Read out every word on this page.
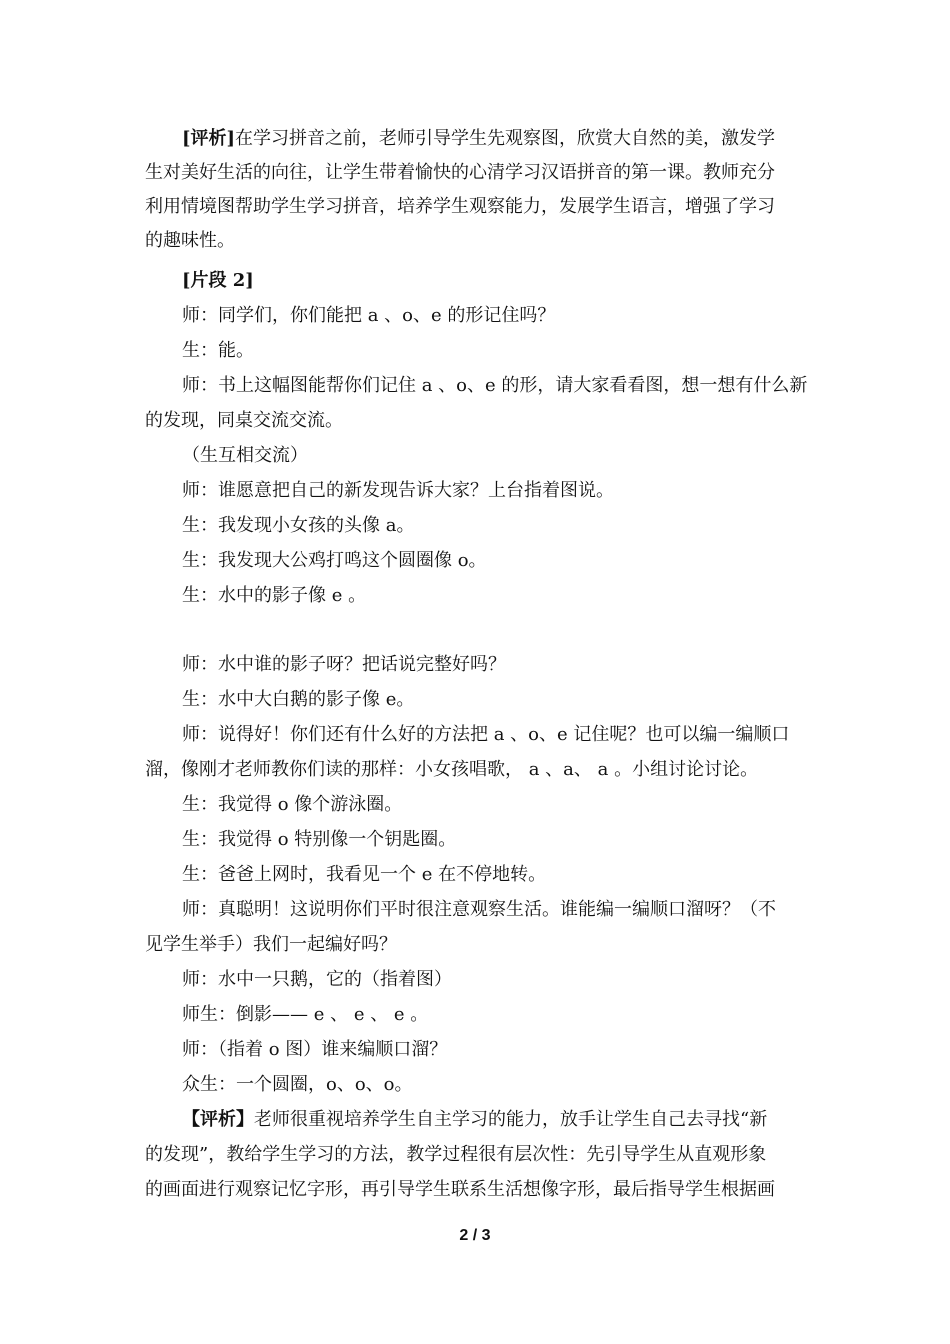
[评析]在学习拼音之前，老师引导学生先观察图，欣赏大自然的美，激发学
生对美好生活的向往，让学生带着愉快的心清学习汉语拼音的第一课。教师充分
利用情境图帮助学生学习拼音，培养学生观察能力，发展学生语言，增强了学习
的趣味性。
[片段 2]
师：同学们，你们能把 a 、o、e 的形记住吗？
生：能。
师：书上这幅图能帮你们记住 a 、o、e 的形，请大家看看图，想一想有什么新
的发现，同桌交流交流。
（生互相交流）
师：谁愿意把自己的新发现告诉大家？上台指着图说。
生：我发现小女孩的头像 a。
生：我发现大公鸡打鸣这个圆圈像 o。
生：水中的影子像 e 。
师：水中谁的影子呀？把话说完整好吗？
生：水中大白鹅的影子像 e。
师：说得好！你们还有什么好的方法把 a 、o、e 记住呢？也可以编一编顺口
溜，像刚才老师教你们读的那样：小女孩唱歌， a 、a、 a 。小组讨论讨论。
生：我觉得 o 像个游泳圈。
生：我觉得 o 特别像一个钥匙圈。
生：爸爸上网时，我看见一个 e 在不停地转。
师：真聪明！这说明你们平时很注意观察生活。谁能编一编顺口溜呀？（不
见学生举手）我们一起编好吗？
师：水中一只鹅，它的（指着图）
师生：倒影—— e 、 e 、 e 。
师：（指着 o 图）谁来编顺口溜？
众生：一个圆圈，o、o、o。
【评析】老师很重视培养学生自主学习的能力，放手让学生自己去寻找“新
的发现”，教给学生学习的方法，教学过程很有层次性：先引导学生从直观形象
的画面进行观察记忆字形，再引导学生联系生活想像字形，最后指导学生根据画
2 / 3
